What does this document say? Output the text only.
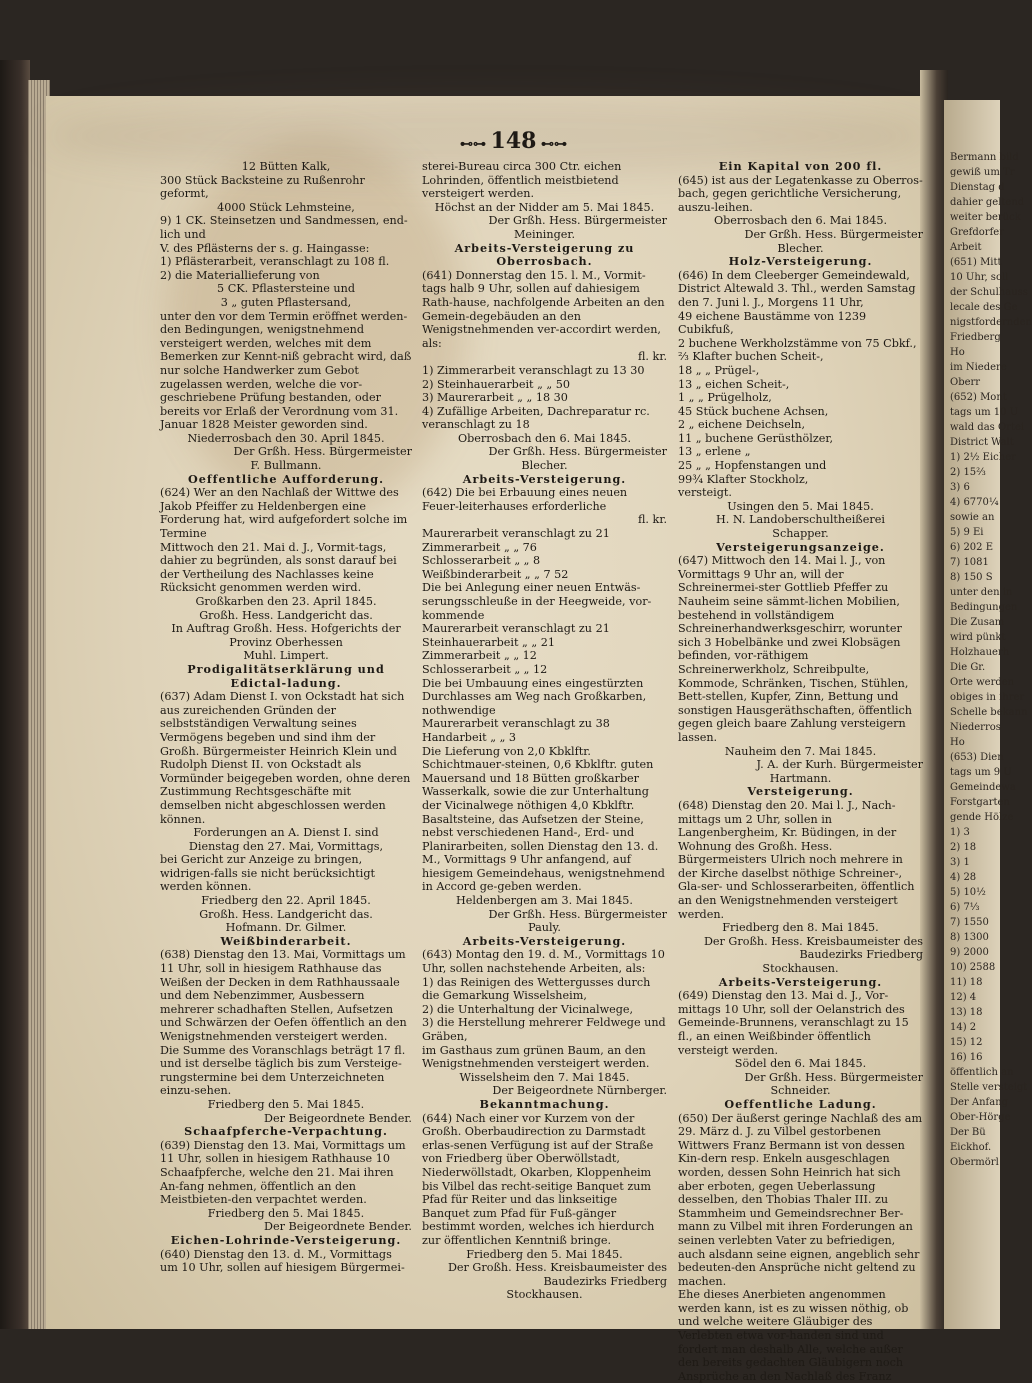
Bermann bild
gewiß um Tr
Dienstag d
dahier geltend
weiter berück
Grefdorfer
Arbeit
(651) Mitt
10 Uhr, soll
der Schulhauss
lecale des Ge
nigstfordernden
Friedberg
Ho
im Niedere
Oberr
(652) Mont
tags um 10 U
wald das Ortei
District Walt
1) 2½ Eicher
2) 15⅔
3) 6
4) 6770¼
sowie an
5) 9 Ei
6) 202 E
7) 1081
8) 150 S
unter den in
Bedingungen
Die Zusam
wird pünkt
Holzhauerh
Die Gr.
Orte werden
obiges in ihrer
Schelle bekann
Niederros
Ho
(653) Dien
tags um 9 U
Gemeindewa
Forstgarten
gende Hölze
1) 3
2) 18
3) 1
4) 28
5) 10½
6) 7⅓
7) 1550
8) 1300
9) 2000
10) 2588
11) 18
12) 4
13) 18
14) 2
15) 12
16) 16
öffentlich an
Stelle versteigt
Der Anfang
Ober-Hörge
Der Bü
Eickhof.
Obermörl
⊷⊶ 148 ⊷⊶
12 Bütten Kalk,
300 Stück Backsteine zu Rußenrohr geformt,
4000 Stück Lehmsteine,
9) 1 CK. Steinsetzen und Sandmessen, end-lich und
V. des Pflästerns der s. g. Haingasse:
1) Pflästerarbeit, veranschlagt zu 108 fl.
2) die Materiallieferung von
5 CK. Pflastersteine und
3 „ guten Pflastersand,
unter den vor dem Termin eröffnet werden-den Bedingungen, wenigstnehmend versteigert werden, welches mit dem Bemerken zur Kennt-niß gebracht wird, daß nur solche Handwerker zum Gebot zugelassen werden, welche die vor-geschriebene Prüfung bestanden, oder bereits vor Erlaß der Verordnung vom 31. Januar 1828 Meister geworden sind.
Niederrosbach den 30. April 1845.
Der Grßh. Hess. Bürgermeister
F. Bullmann.
Oeffentliche Aufforderung.
(624) Wer an den Nachlaß der Wittwe des Jakob Pfeiffer zu Heldenbergen eine Forderung hat, wird aufgefordert solche im Termine
Mittwoch den 21. Mai d. J., Vormit-tags,
dahier zu begründen, als sonst darauf bei der Vertheilung des Nachlasses keine Rücksicht genommen werden wird.
Großkarben den 23. April 1845.
Großh. Hess. Landgericht das.
In Auftrag Großh. Hess. Hofgerichts der Provinz Oberhessen
Muhl. Limpert.
Prodigalitätserklärung und Edictal-ladung.
(637) Adam Dienst I. von Ockstadt hat sich aus zureichenden Gründen der selbstständigen Verwaltung seines Vermögens begeben und sind ihm der Großh. Bürgermeister Heinrich Klein und Rudolph Dienst II. von Ockstadt als Vormünder beigegeben worden, ohne deren Zustimmung Rechtsgeschäfte mit demselben nicht abgeschlossen werden können.
Forderungen an A. Dienst I. sind
Dienstag den 27. Mai, Vormittags,
bei Gericht zur Anzeige zu bringen, widrigen-falls sie nicht berücksichtigt werden können.
Friedberg den 22. April 1845.
Großh. Hess. Landgericht das.
Hofmann. Dr. Gilmer.
Weißbinderarbeit.
(638) Dienstag den 13. Mai, Vormittags um 11 Uhr, soll in hiesigem Rathhause das Weißen der Decken in dem Rathhaussaale und dem Nebenzimmer, Ausbessern mehrerer schadhaften Stellen, Aufsetzen und Schwärzen der Oefen öffentlich an den Wenigstnehmenden versteigert werden.
Die Summe des Voranschlags beträgt 17 fl. und ist derselbe täglich bis zum Versteige-rungstermine bei dem Unterzeichneten einzu-sehen.
Friedberg den 5. Mai 1845.
Der Beigeordnete Bender.
Schaafpferche-Verpachtung.
(639) Dienstag den 13. Mai, Vormittags um 11 Uhr, sollen in hiesigem Rathhause 10 Schaafpferche, welche den 21. Mai ihren An-fang nehmen, öffentlich an den Meistbieten-den verpachtet werden.
Friedberg den 5. Mai 1845.
Der Beigeordnete Bender.
Eichen-Lohrinde-Versteigerung.
(640) Dienstag den 13. d. M., Vormittags um 10 Uhr, sollen auf hiesigem Bürgermei-
sterei-Bureau circa 300 Ctr. eichen Lohrinden, öffentlich meistbietend versteigert werden.
Höchst an der Nidder am 5. Mai 1845.
Der Grßh. Hess. Bürgermeister
Meininger.
Arbeits-Versteigerung zu Oberrosbach.
(641) Donnerstag den 15. l. M., Vormit-tags halb 9 Uhr, sollen auf dahiesigem Rath-hause, nachfolgende Arbeiten an den Gemein-degebäuden an den Wenigstnehmenden ver-accordirt werden, als:
fl. kr.
1) Zimmerarbeit veranschlagt zu 13 30
2) Steinhauerarbeit „ „ 50
3) Maurerarbeit „ „ 18 30
4) Zufällige Arbeiten, Dachreparatur rc. veranschlagt zu 18
Oberrosbach den 6. Mai 1845.
Der Grßh. Hess. Bürgermeister
Blecher.
Arbeits-Versteigerung.
(642) Die bei Erbauung eines neuen Feuer-leiterhauses erforderliche
fl. kr.
Maurerarbeit veranschlagt zu 21
Zimmerarbeit „ „ 76
Schlosserarbeit „ „ 8
Weißbinderarbeit „ „ 7 52
Die bei Anlegung einer neuen Entwäs-serungsschleuße in der Heegweide, vor-kommende
Maurerarbeit veranschlagt zu 21
Steinhauerarbeit „ „ 21
Zimmerarbeit „ „ 12
Schlosserarbeit „ „ 12
Die bei Umbauung eines eingestürzten Durchlasses am Weg nach Großkarben, nothwendige
Maurerarbeit veranschlagt zu 38
Handarbeit „ „ 3
Die Lieferung von 2,0 Kbklftr. Schichtmauer-steinen, 0,6 Kbklftr. guten Mauersand und 18 Bütten großkarber Wasserkalk, sowie die zur Unterhaltung der Vicinalwege nöthigen 4,0 Kbklftr. Basaltsteine, das Aufsetzen der Steine, nebst verschiedenen Hand-, Erd- und Planirarbeiten, sollen Dienstag den 13. d. M., Vormittags 9 Uhr anfangend, auf hiesigem Gemeindehaus, wenigstnehmend in Accord ge-geben werden.
Heldenbergen am 3. Mai 1845.
Der Grßh. Hess. Bürgermeister
Pauly.
Arbeits-Versteigerung.
(643) Montag den 19. d. M., Vormittags 10 Uhr, sollen nachstehende Arbeiten, als:
1) das Reinigen des Wettergusses durch die Gemarkung Wisselsheim,
2) die Unterhaltung der Vicinalwege,
3) die Herstellung mehrerer Feldwege und Gräben,
im Gasthaus zum grünen Baum, an den Wenigstnehmenden versteigert werden.
Wisselsheim den 7. Mai 1845.
Der Beigeordnete Nürnberger.
Bekanntmachung.
(644) Nach einer vor Kurzem von der Großh. Oberbaudirection zu Darmstadt erlas-senen Verfügung ist auf der Straße von Friedberg über Oberwöllstadt, Niederwöllstadt, Okarben, Kloppenheim bis Vilbel das recht-seitige Banquet zum Pfad für Reiter und das linkseitige Banquet zum Pfad für Fuß-gänger bestimmt worden, welches ich hierdurch zur öffentlichen Kenntniß bringe.
Friedberg den 5. Mai 1845.
Der Großh. Hess. Kreisbaumeister des Baudezirks Friedberg
Stockhausen.
Ein Kapital von 200 fl.
(645) ist aus der Legatenkasse zu Oberros-bach, gegen gerichtliche Versicherung, auszu-leihen.
Oberrosbach den 6. Mai 1845.
Der Grßh. Hess. Bürgermeister
Blecher.
Holz-Versteigerung.
(646) In dem Cleeberger Gemeindewald, District Altewald 3. Thl., werden Samstag den 7. Juni l. J., Morgens 11 Uhr,
49 eichene Baustämme von 1239 Cubikfuß,
2 buchene Werkholzstämme von 75 Cbkf.,
⅔ Klafter buchen Scheit-,
18 „ „ Prügel-,
13 „ eichen Scheit-,
1 „ „ Prügelholz,
45 Stück buchene Achsen,
2 „ eichene Deichseln,
11 „ buchene Gerüsthölzer,
13 „ erlene „
25 „ „ Hopfenstangen und
99¾ Klafter Stockholz,
versteigt.
Usingen den 5. Mai 1845.
H. N. Landoberschultheißerei
Schapper.
Versteigerungsanzeige.
(647) Mittwoch den 14. Mai l. J., von Vormittags 9 Uhr an, will der Schreinermei-ster Gottlieb Pfeffer zu Nauheim seine sämmt-lichen Mobilien, bestehend in vollständigem Schreinerhandwerksgeschirr, worunter sich 3 Hobelbänke und zwei Klobsägen befinden, vor-räthigem Schreinerwerkholz, Schreibpulte, Kommode, Schränken, Tischen, Stühlen, Bett-stellen, Kupfer, Zinn, Bettung und sonstigen Hausgeräthschaften, öffentlich gegen gleich baare Zahlung versteigern lassen.
Nauheim den 7. Mai 1845.
J. A. der Kurh. Bürgermeister
Hartmann.
Versteigerung.
(648) Dienstag den 20. Mai l. J., Nach-mittags um 2 Uhr, sollen in Langenbergheim, Kr. Büdingen, in der Wohnung des Großh. Hess. Bürgermeisters Ulrich noch mehrere in der Kirche daselbst nöthige Schreiner-, Gla-ser- und Schlosserarbeiten, öffentlich an den Wenigstnehmenden versteigert werden.
Friedberg den 8. Mai 1845.
Der Großh. Hess. Kreisbaumeister des Baudezirks Friedberg
Stockhausen.
Arbeits-Versteigerung.
(649) Dienstag den 13. Mai d. J., Vor-mittags 10 Uhr, soll der Oelanstrich des Gemeinde-Brunnens, veranschlagt zu 15 fl., an einen Weißbinder öffentlich versteigt werden.
Södel den 6. Mai 1845.
Der Grßh. Hess. Bürgermeister
Schneider.
Oeffentliche Ladung.
(650) Der äußerst geringe Nachlaß des am 29. März d. J. zu Vilbel gestorbenen Wittwers Franz Bermann ist von dessen Kin-dern resp. Enkeln ausgeschlagen worden, dessen Sohn Heinrich hat sich aber erboten, gegen Ueberlassung desselben, den Thobias Thaler III. zu Stammheim und Gemeindsrechner Ber-mann zu Vilbel mit ihren Forderungen an seinen verlebten Vater zu befriedigen, auch alsdann seine eignen, angeblich sehr bedeuten-den Ansprüche nicht geltend zu machen.
Ehe dieses Anerbieten angenommen werden kann, ist es zu wissen nöthig, ob und welche weitere Gläubiger des Verlebten etwa vor-handen sind und fordert man deshalb Alle, welche außer den bereits gedachten Gläubigern noch Ansprüche an den Nachlaß des Franz
